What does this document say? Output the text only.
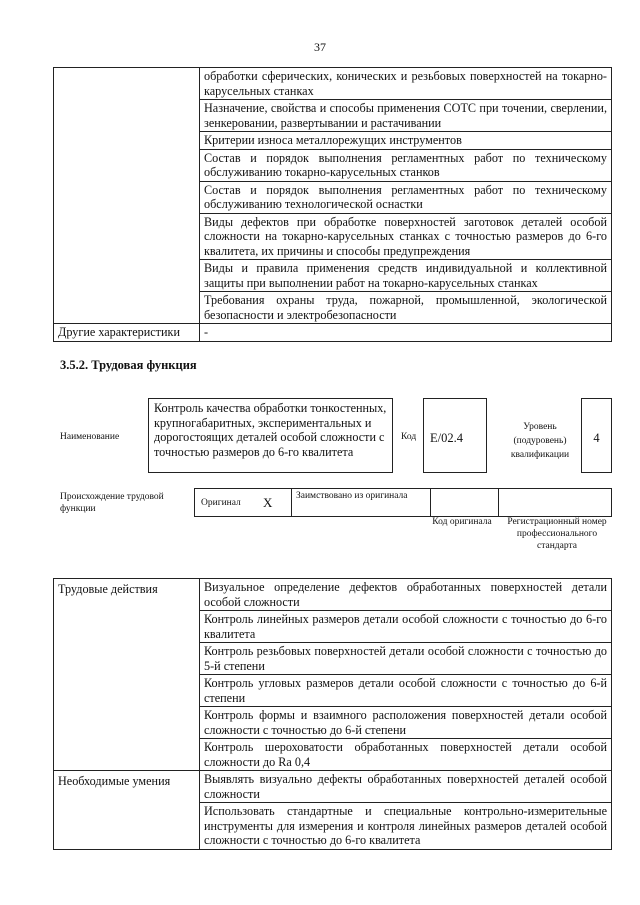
37
	обработки сферических, конических и резьбовых поверхностей на токарно-карусельных станках
	Назначение, свойства и способы применения СОТС при точении, сверлении, зенкеровании, развертывании и растачивании
	Критерии износа металлорежущих инструментов
	Состав и порядок выполнения регламентных работ по техническому обслуживанию токарно-карусельных станков
	Состав и порядок выполнения регламентных работ по техническому обслуживанию технологической оснастки
	Виды дефектов при обработке поверхностей заготовок деталей особой сложности на токарно-карусельных станках с точностью размеров до 6-го квалитета, их причины и способы предупреждения
	Виды и правила применения средств индивидуальной и коллективной защиты при выполнении работ на токарно-карусельных станках
	Требования охраны труда, пожарной, промышленной, экологической безопасности и электробезопасности
Другие характеристики	-
3.5.2. Трудовая функция
Наименование
Контроль качества обработки тонкостенных, крупногабаритных, экспериментальных и дорогостоящих деталей особой сложности с точностью размеров до 6-го квалитета
Код	E/02.4
Уровень (подуровень) квалификации
4
Происхождение трудовой функции
Оригинал X Заимствовано из оригинала
Код оригинала	Регистрационный номер профессионального стандарта
Трудовые действия	Визуальное определение дефектов обработанных поверхностей детали особой сложности
	Контроль линейных размеров детали особой сложности с точностью до 6-го квалитета
	Контроль резьбовых поверхностей детали особой сложности с точностью до 5-й степени
	Контроль угловых размеров детали особой сложности с точностью до 6-й степени
	Контроль формы и взаимного расположения поверхностей детали особой сложности с точностью до 6-й степени
	Контроль шероховатости обработанных поверхностей детали особой сложности до Ra 0,4
Необходимые умения	Выявлять визуально дефекты обработанных поверхностей деталей особой сложности
	Использовать стандартные и специальные контрольно-измерительные инструменты для измерения и контроля линейных размеров деталей особой сложности с точностью до 6-го квалитета
